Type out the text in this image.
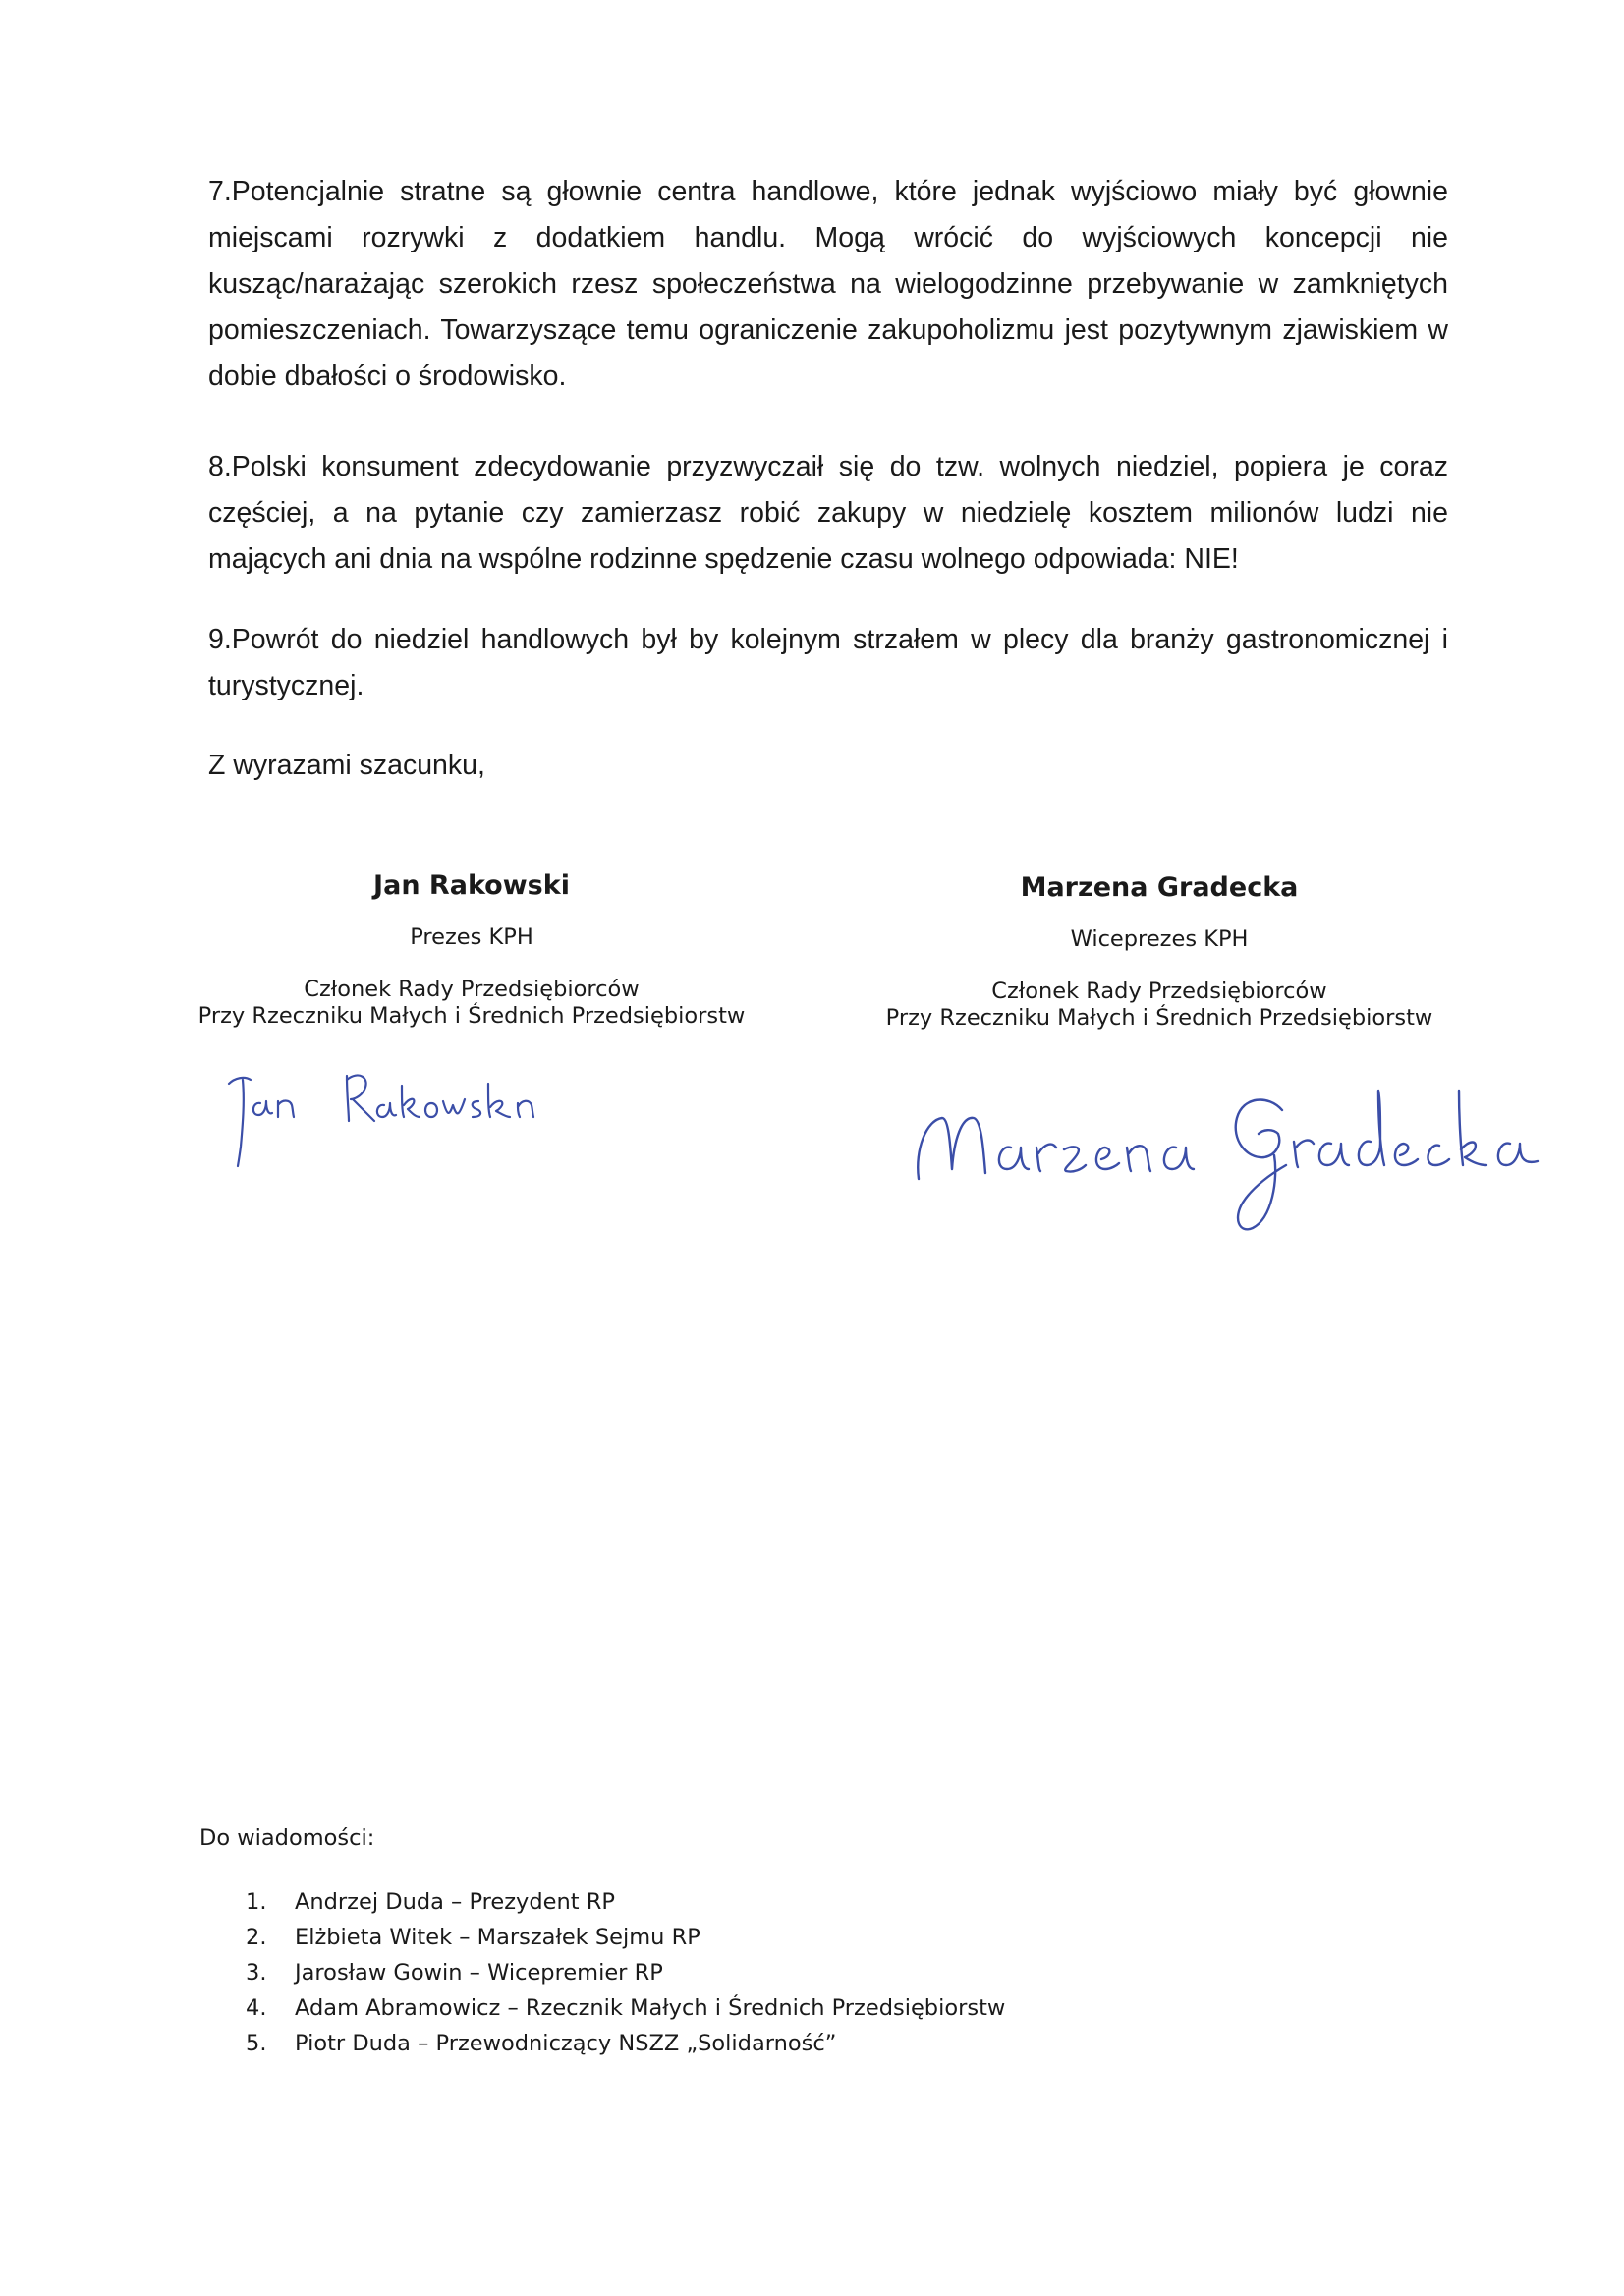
7.Potencjalnie stratne są głownie centra handlowe, które jednak wyjściowo miały być głownie miejscami rozrywki z dodatkiem handlu. Mogą wrócić do wyjściowych koncepcji nie kusząc/narażając szerokich rzesz społeczeństwa na wielogodzinne przebywanie w zamkniętych pomieszczeniach. Towarzyszące temu ograniczenie zakupoholizmu jest pozytywnym zjawiskiem w dobie dbałości o środowisko.

8.Polski konsument zdecydowanie przyzwyczaił się do tzw. wolnych niedziel, popiera je coraz częściej, a na pytanie czy zamierzasz robić zakupy w niedzielę kosztem milionów ludzi nie mających ani dnia na wspólne rodzinne spędzenie czasu wolnego odpowiada: NIE!

9.Powrót do niedziel handlowych był by kolejnym strzałem w plecy dla branży gastronomicznej i turystycznej.

Z wyrazami szacunku,

Jan Rakowski
Prezes KPH
Członek Rady Przedsiębiorców
Przy Rzeczniku Małych i Średnich Przedsiębiorstw
Marzena Gradecka
Wiceprezes KPH
Członek Rady Przedsiębiorców
Przy Rzeczniku Małych i Średnich Przedsiębiorstw

Do wiadomości:

1.	Andrzej Duda – Prezydent RP
2.	Elżbieta Witek – Marszałek Sejmu RP
3.	Jarosław Gowin – Wicepremier RP
4.	Adam Abramowicz – Rzecznik Małych i Średnich Przedsiębiorstw
5.	Piotr Duda – Przewodniczący NSZZ „Solidarność”
